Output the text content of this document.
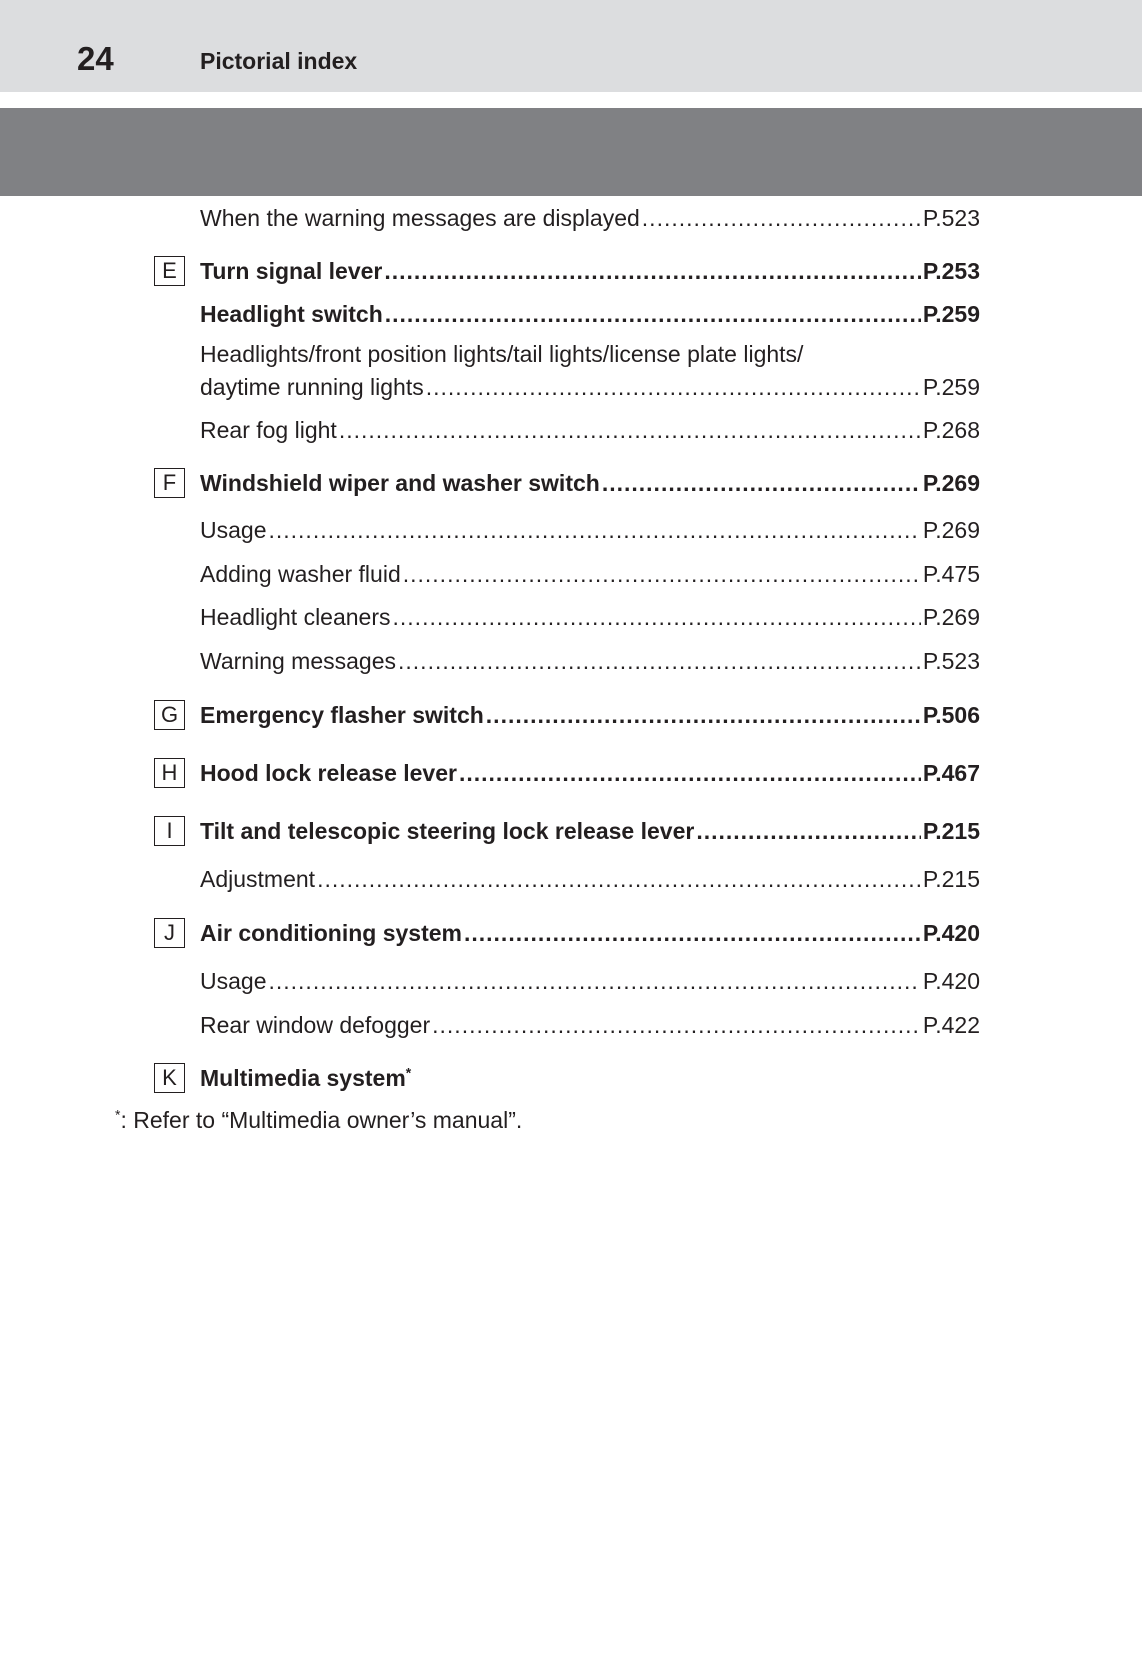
24	Pictorial index
When the warning messages are displayed .....	P.523
E	Turn signal lever .....	P.253
Headlight switch .....	P.259
Headlights/front position lights/tail lights/license plate lights/
daytime running lights .....	P.259
Rear fog light .....	P.268
F	Windshield wiper and washer switch .....	P.269
Usage .....	P.269
Adding washer fluid .....	P.475
Headlight cleaners .....	P.269
Warning messages .....	P.523
G Emergency flasher switch .....	P.506
H Hood lock release lever .....	P.467
I	Tilt and telescopic steering lock release lever .....	P.215
Adjustment .....	P.215
J	Air conditioning system .....	P.420
Usage .....	P.420
Rear window defogger .....	P.422
K	Multimedia system*
*: Refer to “Multimedia owner’s manual”.
